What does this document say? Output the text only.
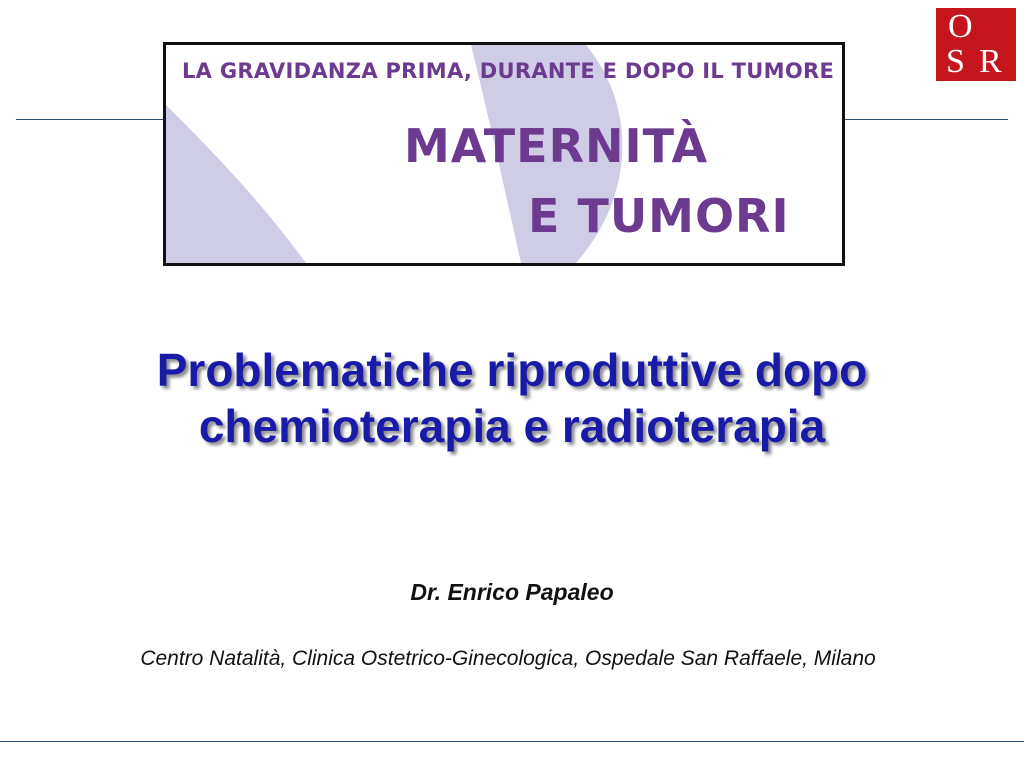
LA GRAVIDANZA PRIMA, DURANTE E DOPO IL TUMORE
MATERNITÀ
E TUMORI
O
S R
Problematiche riproduttive dopo
chemioterapia e radioterapia
Dr. Enrico Papaleo
Centro Natalità, Clinica Ostetrico-Ginecologica, Ospedale San Raffaele, Milano
